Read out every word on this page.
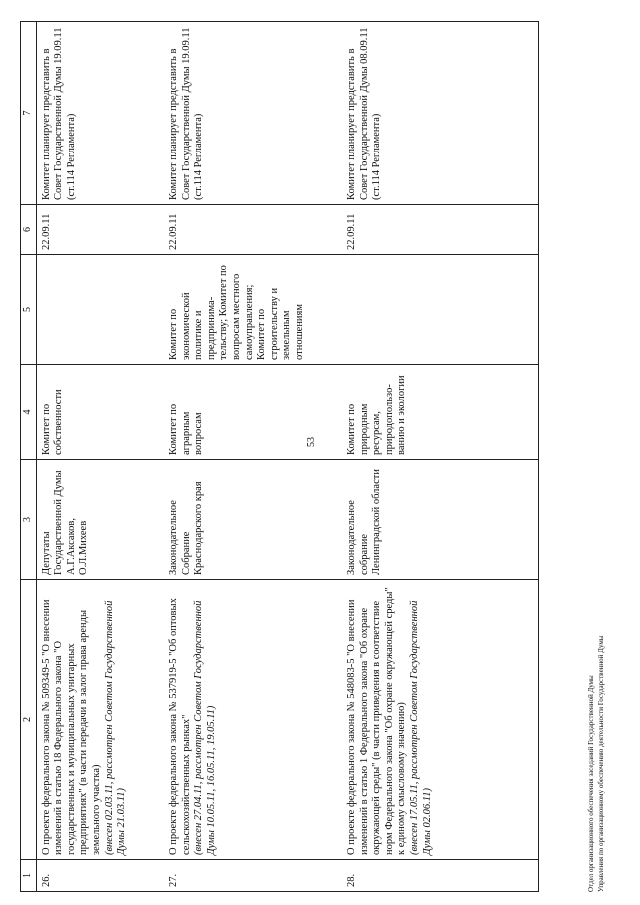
53
1	2	3	4	5	6	7
26.	О проекте федерального закона № 509349-5 "О внесении изменений в статью 18 Федерального закона "О государственных и муниципальных унитарных предприятиях" (в части передачи в залог права аренды земельного участка) (внесен 02.03.11, рассмотрен Советом Государственной Думы 21.03.11)	Депутаты Государственной Думы А.Г.Аксаков, О.Л.Михеев	Комитет по собственности		22.09.11	Комитет планирует представить в Совет Государственной Думы 19.09.11 (ст.114 Регламента)
27.	О проекте федерального закона № 537919-5 "Об оптовых сельскохозяйственных рынках" (внесен 27.04.11, рассмотрен Советом Государственной Думы 10.05.11, 16.05.11, 19.05.11)	Законодательное Собрание Краснодарского края	Комитет по аграрным вопросам	Комитет по экономической политике и предпринима-тельству; Комитет по вопросам местного самоуправления; Комитет по строительству и земельным отношениям	22.09.11	Комитет планирует представить в Совет Государственной Думы 19.09.11 (ст.114 Регламента)
28.	О проекте федерального закона № 548083-5 "О внесении изменений в статью 1 Федерального закона "Об охране окружающей среды" (в части приведения в соответствие норм Федерального закона "Об охране окружающей среды" к единому смысловому значению) (внесен 17.05.11, рассмотрен Советом Государственной Думы 02.06.11)	Законодательное собрание Ленинградской области	Комитет по природным ресурсам, природопользо-ванию и экологии		22.09.11	Комитет планирует представить в Совет Государственной Думы 08.09.11 (ст.114 Регламента)
Отдел организационного обеспечения заседаний Государственной Думы Управления по организационному обеспечению деятельности Государственной Думы
